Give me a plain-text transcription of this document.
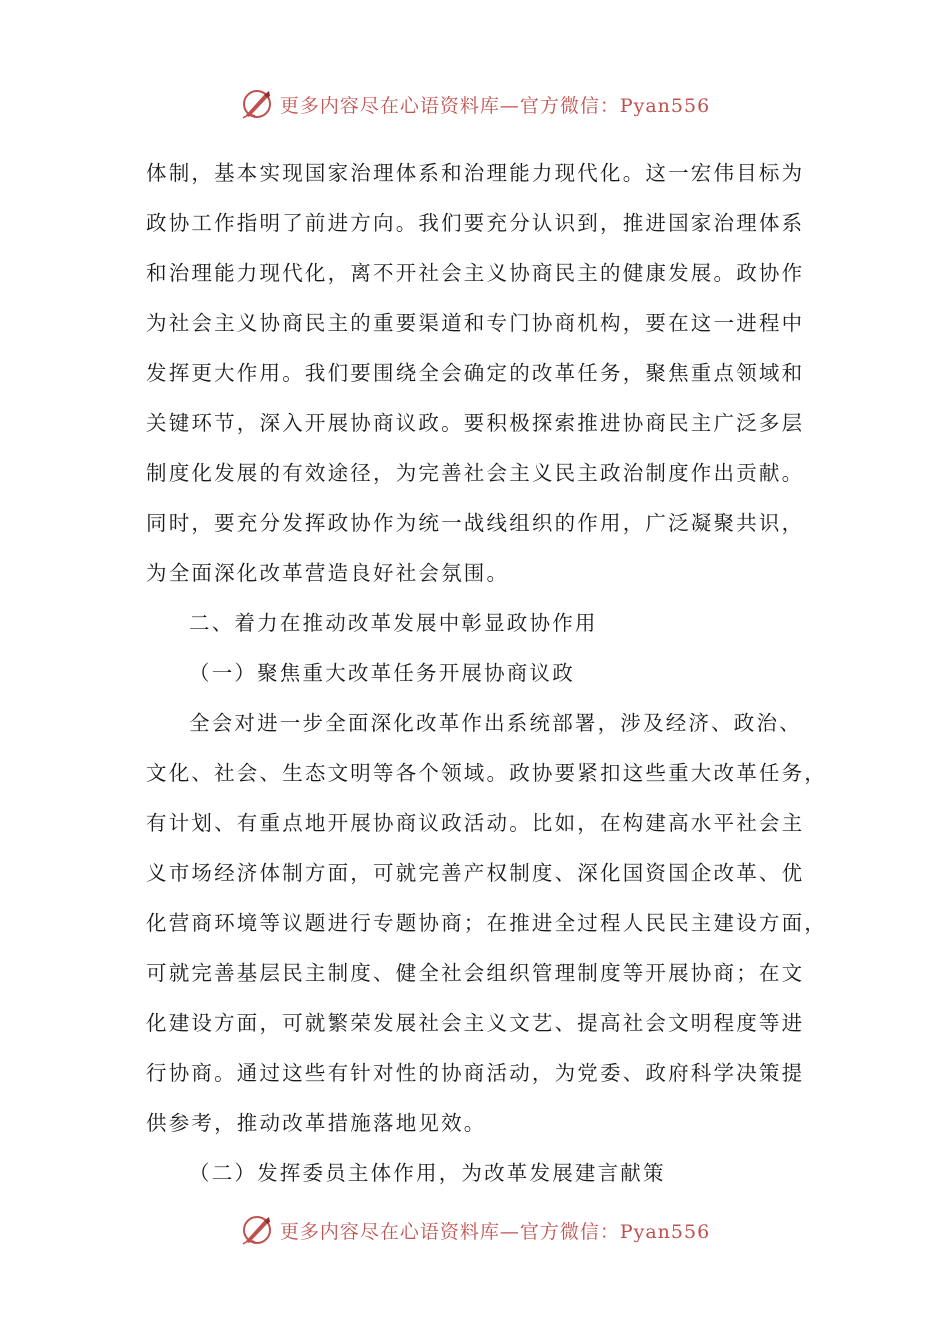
更多内容尽在心语资料库—官方微信：Pyan556
体制，基本实现国家治理体系和治理能力现代化。这一宏伟目标为
政协工作指明了前进方向。我们要充分认识到，推进国家治理体系
和治理能力现代化，离不开社会主义协商民主的健康发展。政协作
为社会主义协商民主的重要渠道和专门协商机构，要在这一进程中
发挥更大作用。我们要围绕全会确定的改革任务，聚焦重点领域和
关键环节，深入开展协商议政。要积极探索推进协商民主广泛多层
制度化发展的有效途径，为完善社会主义民主政治制度作出贡献。
同时，要充分发挥政协作为统一战线组织的作用，广泛凝聚共识，
为全面深化改革营造良好社会氛围。
二、着力在推动改革发展中彰显政协作用
（一）聚焦重大改革任务开展协商议政
全会对进一步全面深化改革作出系统部署，涉及经济、政治、
文化、社会、生态文明等各个领域。政协要紧扣这些重大改革任务，
有计划、有重点地开展协商议政活动。比如，在构建高水平社会主
义市场经济体制方面，可就完善产权制度、深化国资国企改革、优
化营商环境等议题进行专题协商；在推进全过程人民民主建设方面，
可就完善基层民主制度、健全社会组织管理制度等开展协商；在文
化建设方面，可就繁荣发展社会主义文艺、提高社会文明程度等进
行协商。通过这些有针对性的协商活动，为党委、政府科学决策提
供参考，推动改革措施落地见效。
（二）发挥委员主体作用，为改革发展建言献策
更多内容尽在心语资料库—官方微信：Pyan556
